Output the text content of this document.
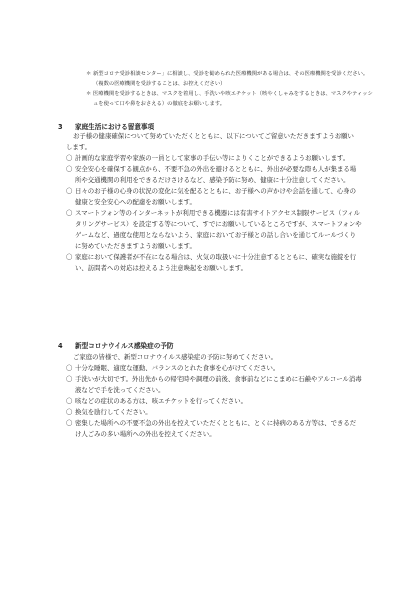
＊ 新型コロナ受診相談センター」に相談し、受診を勧められた医療機関がある場合は、その医療機関を受診ください。（複数の医療機関を受診することは、お控えください）
＊ 医療機関を受診するときは、マスクを着用し、手洗いや咳エチケット（咳やくしゃみをするときは、マスクやティッシュを使って口や鼻をおさえる）の徹底をお願いします。
3 家庭生活における留意事項
お子様の健康確保について努めていただくとともに、以下についてご留意いただきますようお願いします。
〇 計画的な家庭学習や家族の一員として家事の手伝い等によりくことができるようお願いします。
〇 安全安心を確保する観点から、不要不急の外出を避けるとともに、外出が必要な際も人が集まる場所や交通機関の利用をできるだけさけるなど、感染予防に努め、健康に十分注意してください。
〇 日々のお子様の心身の状況の変化に気を配るとともに、お子様への声かけや会話を通して、心身の健康と安全安心への配慮をお願いします。
〇 スマートフォン等のインターネットが利用できる機器には有害サイトアクセス制限サービス（フィルタリングサービス）を設定する等について、すでにお願いしているところですが、スマートフォンやゲームなど、過度な使用とならないよう、家庭においてお子様との話し合いを通じてルールづくりに努めていただきますようお願いします。
〇 家庭において保護者が不在になる場合は、火気の取扱いに十分注意するとともに、確実な施錠を行い、訪問者への対応は控えるよう注意喚起をお願いします。
4 新型コロナウイルス感染症の予防
ご家庭の皆様で、新型コロナウイルス感染症の予防に努めてください。
〇 十分な睡眠、適度な運動、バランスのとれた食事を心がけてください。
〇 手洗いが大切です。外出先からの帰宅時や調理の前後、食事前などにこまめに石鹸やアルコール消毒液などで手を洗ってください。
〇 咳などの症状のある方は、咳エチケットを行ってください。
〇 換気を励行してください。
〇 密集した場所への不要不急の外出を控えていただくとともに、とくに持病のある方等は、できるだけ人ごみの多い場所への外出を控えてください。
